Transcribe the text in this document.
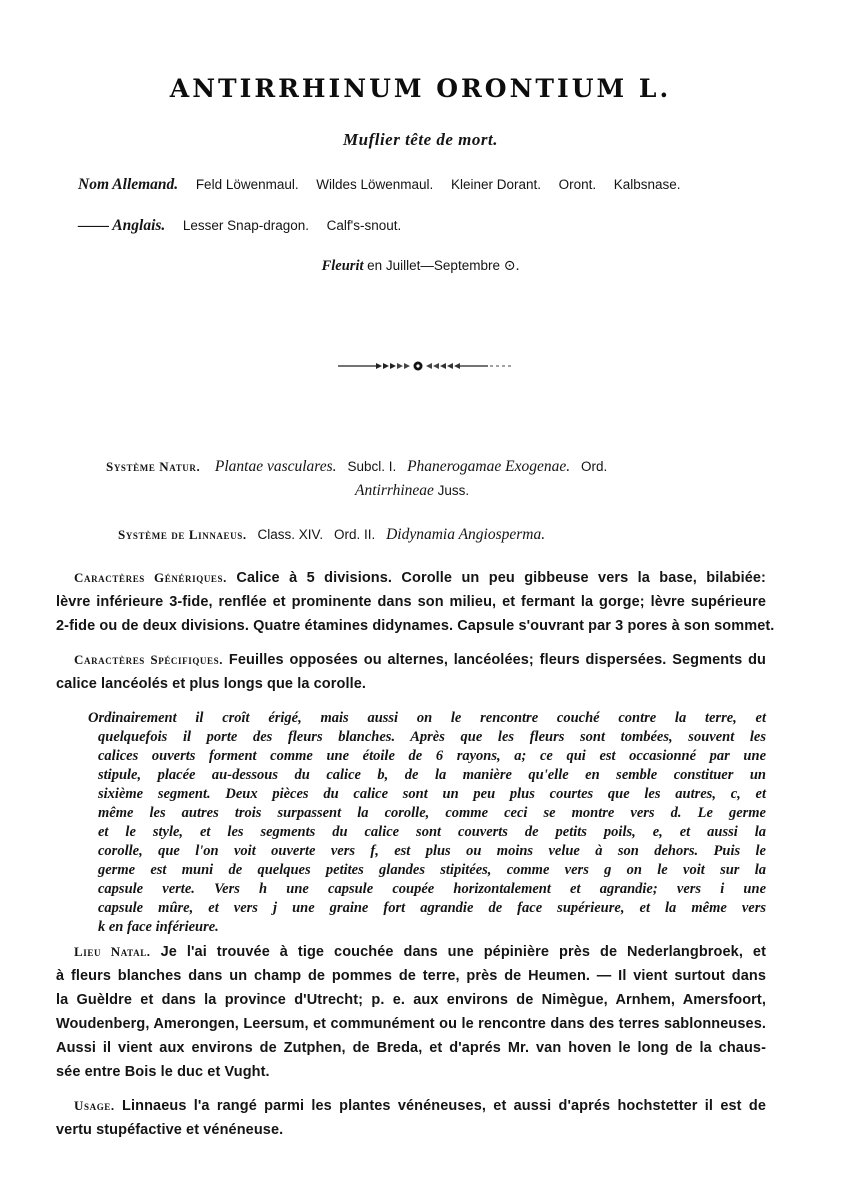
ANTIRRHINUM ORONTIUM L.
Muflier tête de mort.
Nom Allemand. Feld Löwenmaul. Wildes Löwenmaul. Kleiner Dorant. Oront. Kalbsnase.
—— Anglais. Lesser Snap-dragon. Calf's-snout.
Fleurit en Juillet—Septembre ⊙.
Système Natur. Plantae vasculares. Subcl. I. Phanerogamae Exogenae. Ord.
Antirrhineae Juss.
Système de Linnaeus. Class. XIV. Ord. II. Didynamia Angiosperma.
Caractères Génériques. Calice à 5 divisions. Corolle un peu gibbeuse vers la base, bilabiée:
lèvre inférieure 3-fide, renflée et prominente dans son milieu, et fermant la gorge; lèvre supérieure
2-fide ou de deux divisions. Quatre étamines didynames. Capsule s'ouvrant par 3 pores à son sommet.
Caractères Spécifiques. Feuilles opposées ou alternes, lancéolées; fleurs dispersées. Segments du
calice lancéolés et plus longs que la corolle.
Ordinairement il croît érigé, mais aussi on le rencontre couché contre la terre, et
quelquefois il porte des fleurs blanches. Après que les fleurs sont tombées, souvent les
calices ouverts forment comme une étoile de 6 rayons, a; ce qui est occasionné par une
stipule, placée au-dessous du calice b, de la manière qu'elle en semble constituer un
sixième segment. Deux pièces du calice sont un peu plus courtes que les autres, c, et
même les autres trois surpassent la corolle, comme ceci se montre vers d. Le germe
et le style, et les segments du calice sont couverts de petits poils, e, et aussi la
corolle, que l'on voit ouverte vers f, est plus ou moins velue à son dehors. Puis le
germe est muni de quelques petites glandes stipitées, comme vers g on le voit sur la
capsule verte. Vers h une capsule coupée horizontalement et agrandie; vers i une
capsule mûre, et vers j une graine fort agrandie de face supérieure, et la même vers
k en face inférieure.
Lieu Natal. Je l'ai trouvée à tige couchée dans une pépinière près de Nederlangbroek, et
à fleurs blanches dans un champ de pommes de terre, près de Heumen. — Il vient surtout dans
la Guèldre et dans la province d'Utrecht; p. e. aux environs de Nimègue, Arnhem, Amersfoort,
Woudenberg, Amerongen, Leersum, et communément ou le rencontre dans des terres sablonneuses.
Aussi il vient aux environs de Zutphen, de Breda, et d'aprés Mr. van hoven le long de la chaus-
sée entre Bois le duc et Vught.
Usage. Linnaeus l'a rangé parmi les plantes vénéneuses, et aussi d'aprés hochstetter il est de
vertu stupéfactive et vénéneuse.
